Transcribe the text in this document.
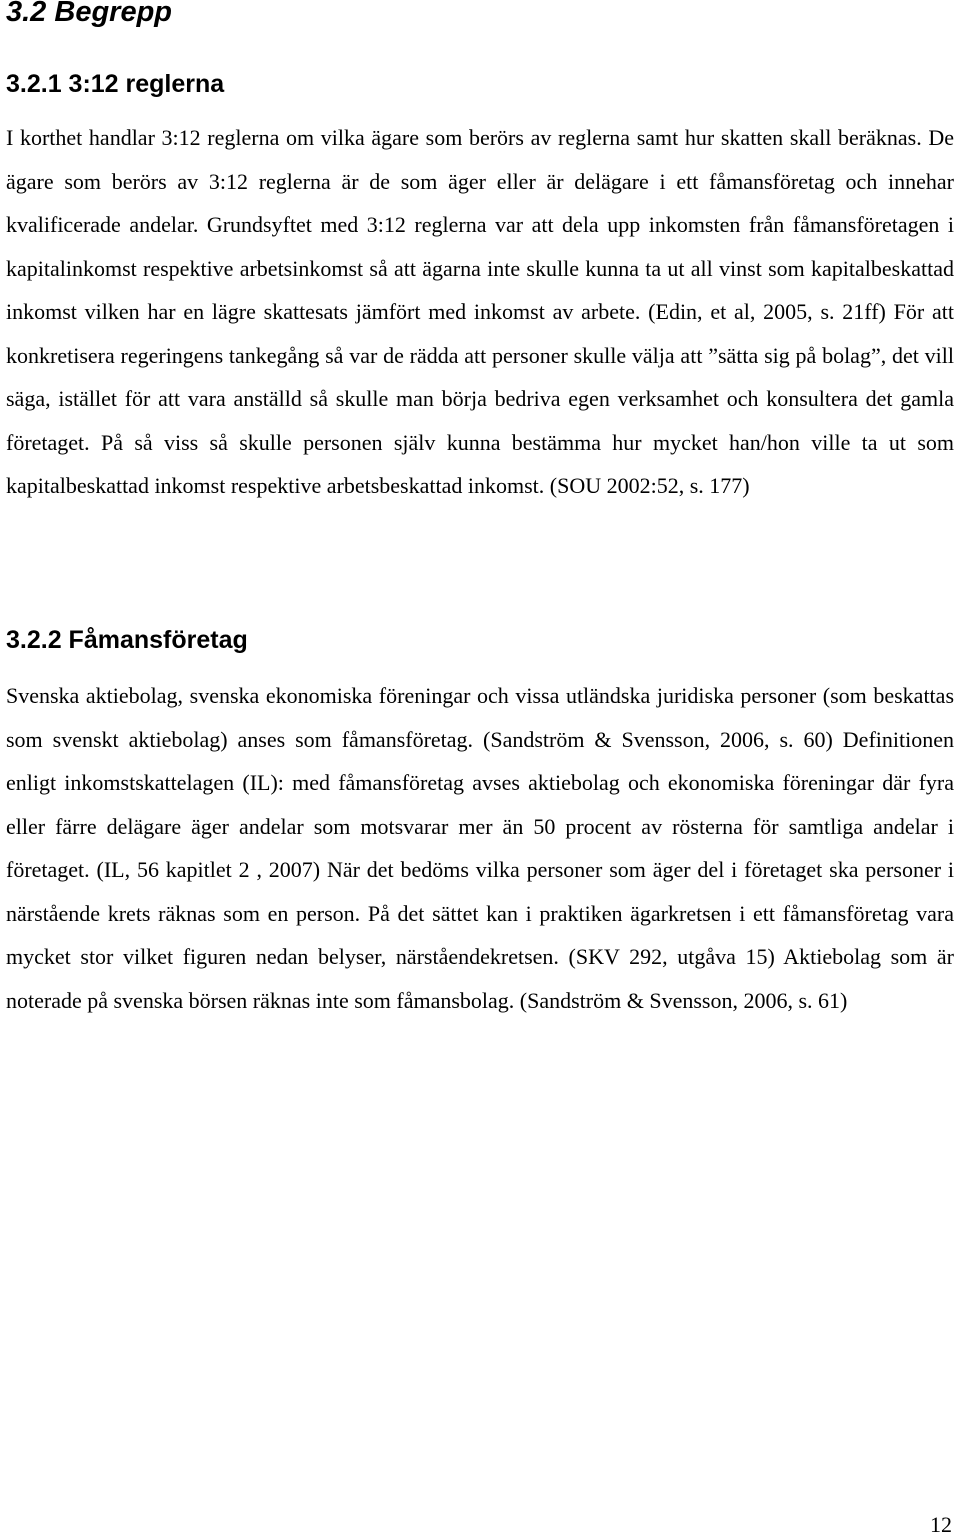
3.2 Begrepp
3.2.1 3:12 reglerna

I korthet handlar 3:12 reglerna om vilka ägare som berörs av reglerna samt hur skatten skall beräknas. De ägare som berörs av 3:12 reglerna är de som äger eller är delägare i ett fåmansföretag och innehar kvalificerade andelar. Grundsyftet med 3:12 reglerna var att dela upp inkomsten från fåmansföretagen i kapitalinkomst respektive arbetsinkomst så att ägarna inte skulle kunna ta ut all vinst som kapitalbeskattad inkomst vilken har en lägre skattesats jämfört med inkomst av arbete. (Edin, et al, 2005, s. 21ff) För att konkretisera regeringens tankegång så var de rädda att personer skulle välja att ”sätta sig på bolag”, det vill säga, istället för att vara anställd så skulle man börja bedriva egen verksamhet och konsultera det gamla företaget. På så viss så skulle personen själv kunna bestämma hur mycket han/hon ville ta ut som kapitalbeskattad inkomst respektive arbetsbeskattad inkomst. (SOU 2002:52, s. 177)

3.2.2 Fåmansföretag

Svenska aktiebolag, svenska ekonomiska föreningar och vissa utländska juridiska personer (som beskattas som svenskt aktiebolag) anses som fåmansföretag. (Sandström & Svensson, 2006, s. 60) Definitionen enligt inkomstskattelagen (IL): med fåmansföretag avses aktiebolag och ekonomiska föreningar där fyra eller färre delägare äger andelar som motsvarar mer än 50 procent av rösterna för samtliga andelar i företaget. (IL, 56 kapitlet 2 , 2007) När det bedöms vilka personer som äger del i företaget ska personer i närstående krets räknas som en person. På det sättet kan i praktiken ägarkretsen i ett fåmansföretag vara mycket stor vilket figuren nedan belyser, närståendekretsen. (SKV 292, utgåva 15) Aktiebolag som är noterade på svenska börsen räknas inte som fåmansbolag. (Sandström & Svensson, 2006, s. 61)

12
